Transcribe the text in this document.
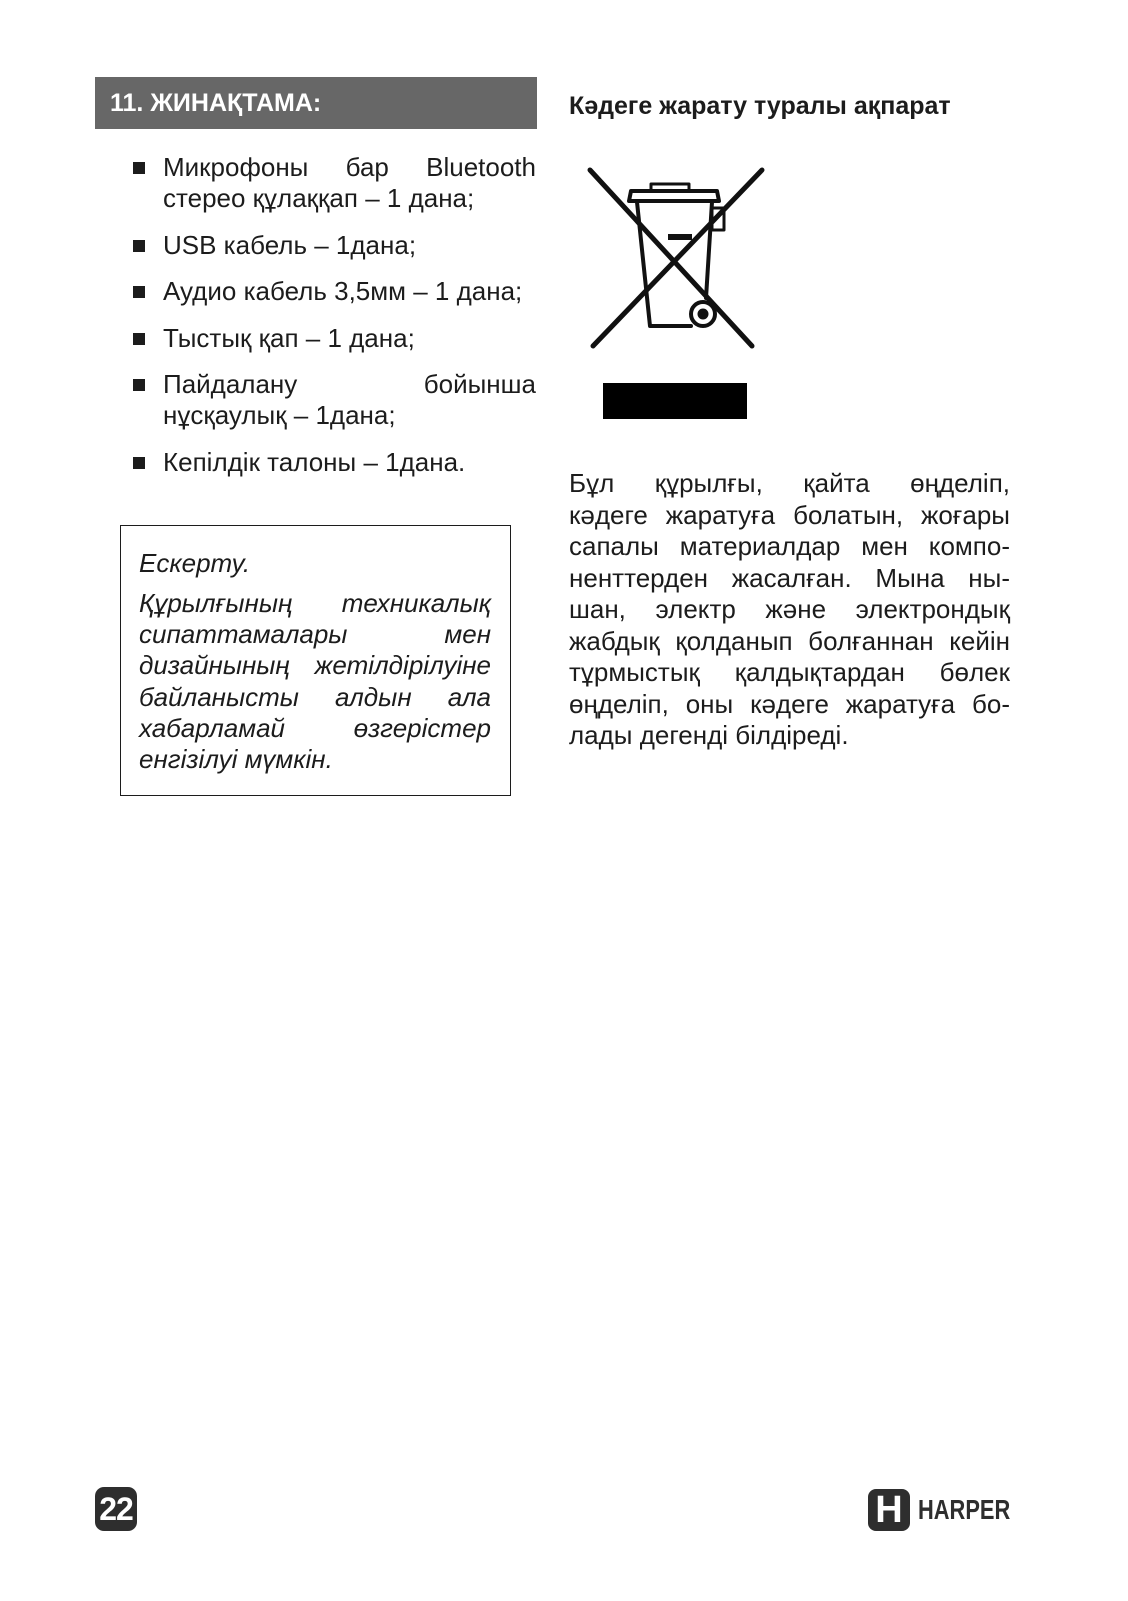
11. ЖИНАҚТАМА:
Микрофоны бар Bluetooth
стерео құлаққап – 1 дана;
USB кабель – 1дана;
Аудио кабель 3,5мм – 1 дана;
Тыстық қап – 1 дана;
Пайдалану бойынша
нұсқаулық – 1дана;
Кепілдік талоны – 1дана.
Ескерту.
Құрылғының техникалық
сипаттамалары мен
дизайнының жетілдірілуіне
байланысты алдын ала
хабарламай өзгерістер
енгізілуі мүмкін.
Кәдеге жарату туралы ақпарат
Бұл құрылғы, қайта өңделіп,
кәдеге жаратуға болатын, жоғары
сапалы материалдар мен компо-
ненттерден жасалған. Мына ны-
шан, электр және электрондық
жабдық қолданып болғаннан кейін
тұрмыстық қалдықтардан бөлек
өңделіп, оны кәдеге жаратуға бо-
лады дегенді білдіреді.
22	H HARPER
